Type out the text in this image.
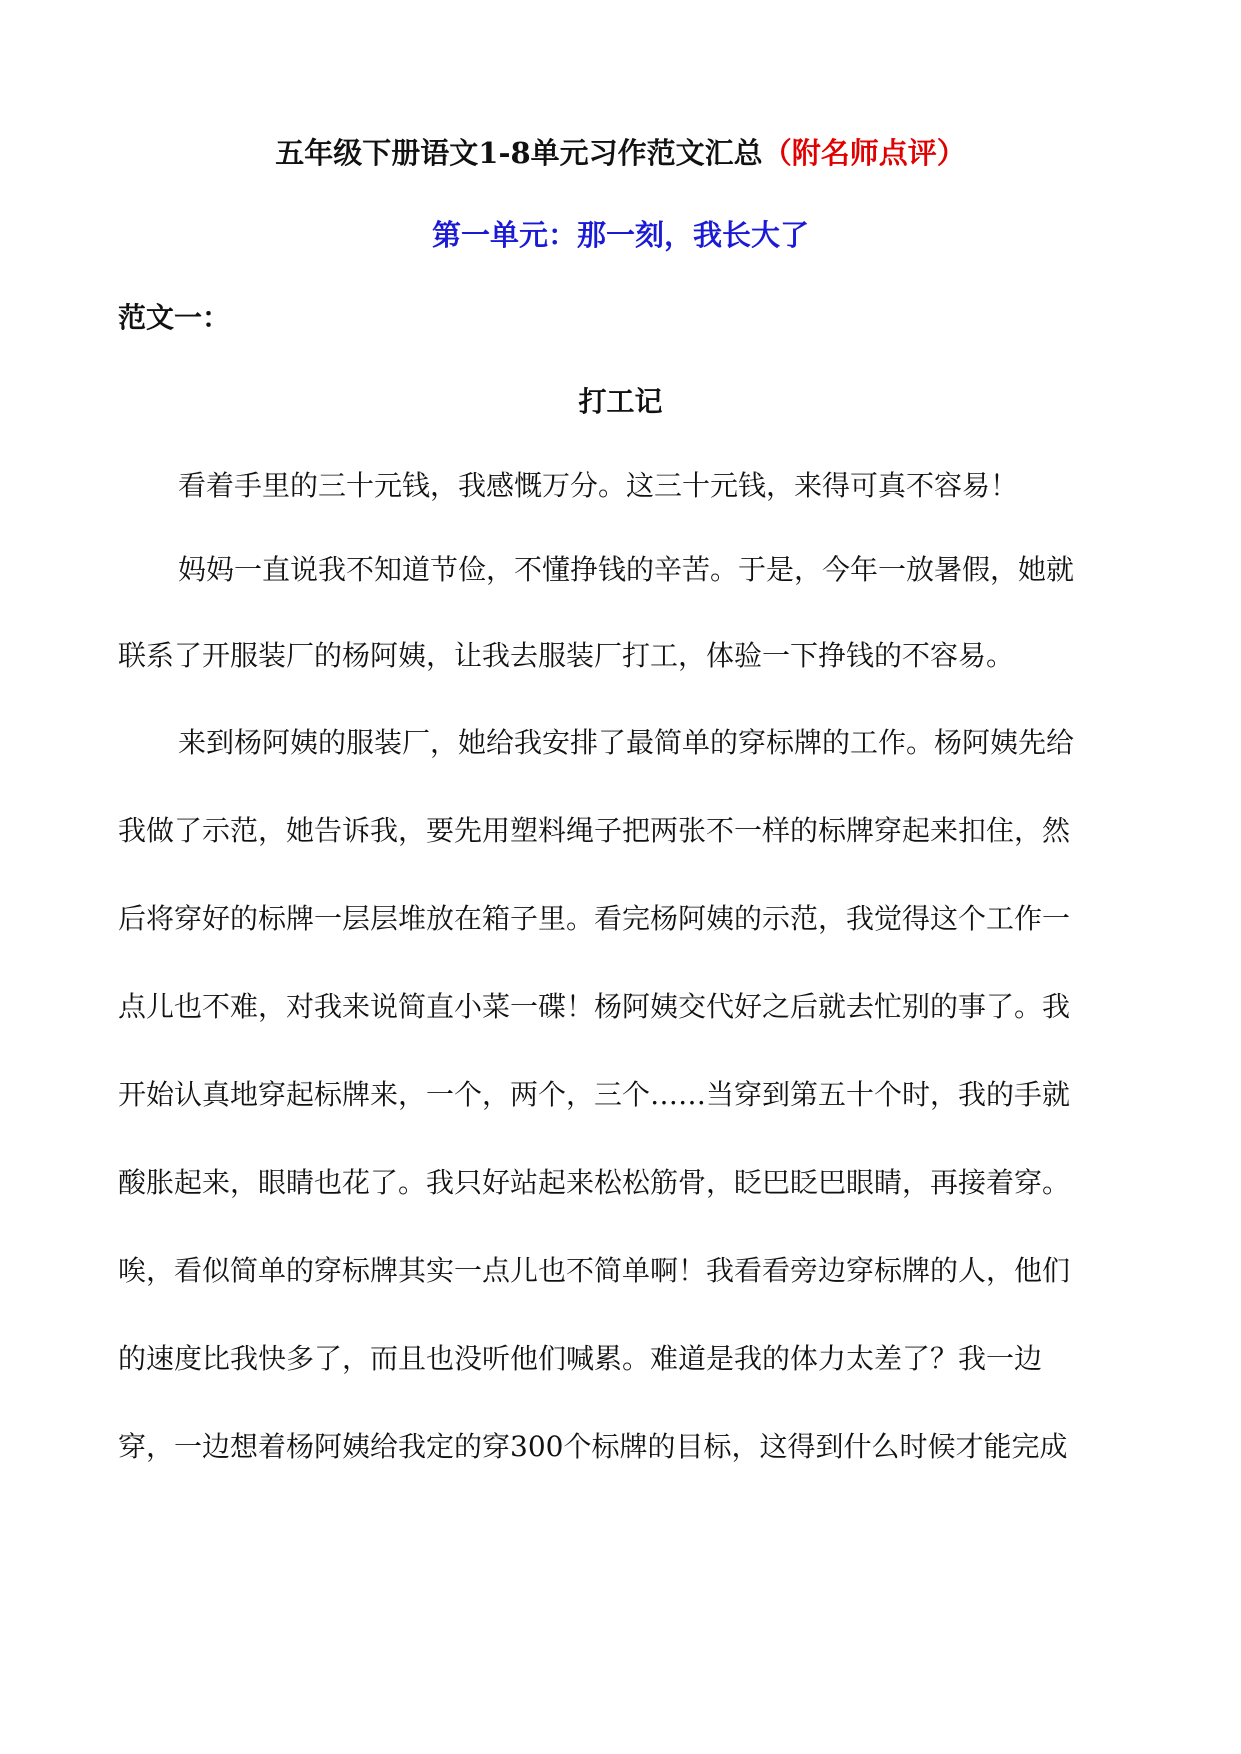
五年级下册语文1-8单元习作范文汇总（附名师点评）
第一单元：那一刻，我长大了
范文一：
打工记
看着手里的三十元钱，我感慨万分。这三十元钱，来得可真不容易！
妈妈一直说我不知道节俭，不懂挣钱的辛苦。于是，今年一放暑假，她就
联系了开服装厂的杨阿姨，让我去服装厂打工，体验一下挣钱的不容易。
来到杨阿姨的服装厂，她给我安排了最简单的穿标牌的工作。杨阿姨先给
我做了示范，她告诉我，要先用塑料绳子把两张不一样的标牌穿起来扣住，然
后将穿好的标牌一层层堆放在箱子里。看完杨阿姨的示范，我觉得这个工作一
点儿也不难，对我来说简直小菜一碟！杨阿姨交代好之后就去忙别的事了。我
开始认真地穿起标牌来，一个，两个，三个……当穿到第五十个时，我的手就
酸胀起来，眼睛也花了。我只好站起来松松筋骨，眨巴眨巴眼睛，再接着穿。
唉，看似简单的穿标牌其实一点儿也不简单啊！我看看旁边穿标牌的人，他们
的速度比我快多了，而且也没听他们喊累。难道是我的体力太差了？我一边
穿，一边想着杨阿姨给我定的穿300个标牌的目标，这得到什么时候才能完成
